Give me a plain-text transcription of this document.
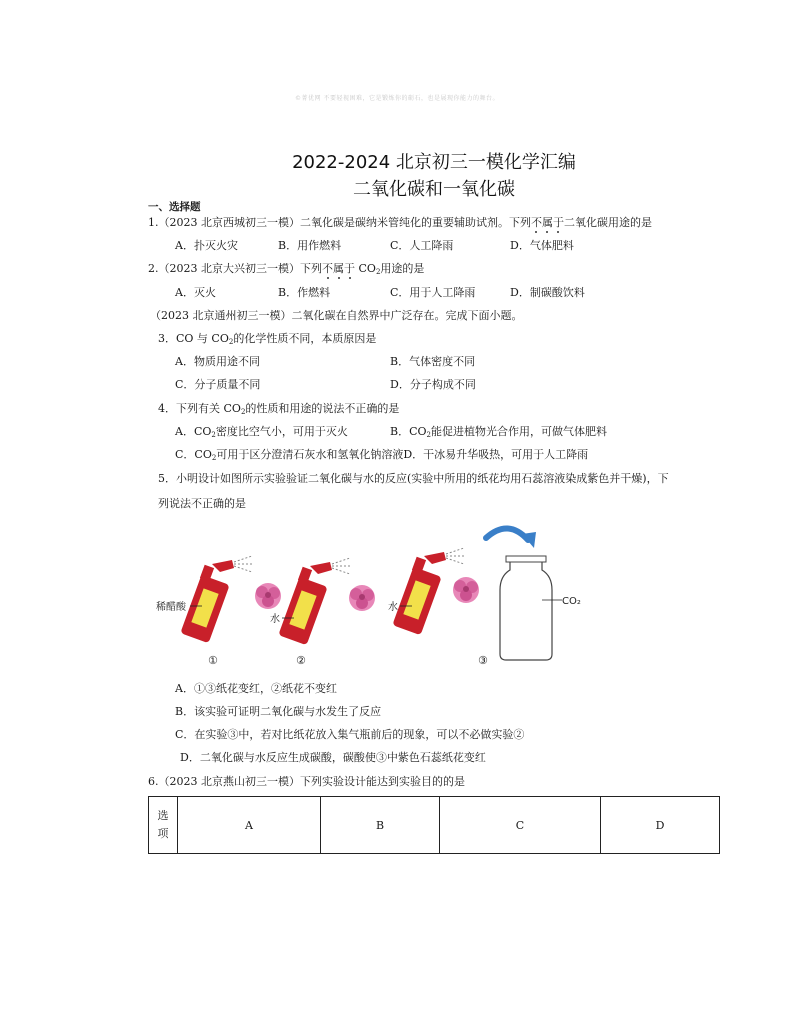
©菁优网 不要轻视困难，它是锻炼你的砺石，也是展现你能力的舞台。
2022-2024 北京初三一模化学汇编
二氧化碳和一氧化碳
一、选择题
1.（2023 北京西城初三一模）二氧化碳是碳纳米管纯化的重要辅助试剂。下列不属于二氧化碳用途的是
A．扑灭火灾	B．用作燃料	C．人工降雨	D．气体肥料
2.（2023 北京大兴初三一模）下列不属于 $CO_2$用途的是
A．灭火	B．作燃料	C．用于人工降雨	D．制碳酸饮料
（2023 北京通州初三一模）二氧化碳在自然界中广泛存在。完成下面小题。
3．CO 与 $CO_2$的化学性质不同，本质原因是
A．物质用途不同	B．气体密度不同
C．分子质量不同	D．分子构成不同
4．下列有关 $CO_2$的性质和用途的说法不正确的是
A．$CO_2$密度比空气小，可用于灭火	B．$CO_2$能促进植物光合作用，可做气体肥料
C．$CO_2$可用于区分澄清石灰水和氢氧化钠溶液D．干冰易升华吸热，可用于人工降雨
5．小明设计如图所示实验验证二氧化碳与水的反应(实验中所用的纸花均用石蕊溶液染成紫色并干燥)，下
列说法不正确的是
稀醋酸
①
水
②
水
CO₂
③
A．①③纸花变红，②纸花不变红
B．该实验可证明二氧化碳与水发生了反应
C．在实验③中，若对比纸花放入集气瓶前后的现象，可以不必做实验②
D．二氧化碳与水反应生成碳酸，碳酸使③中紫色石蕊纸花变红
6.（2023 北京燕山初三一模）下列实验设计能达到实验目的的是
选
项
	A	B	C	D
